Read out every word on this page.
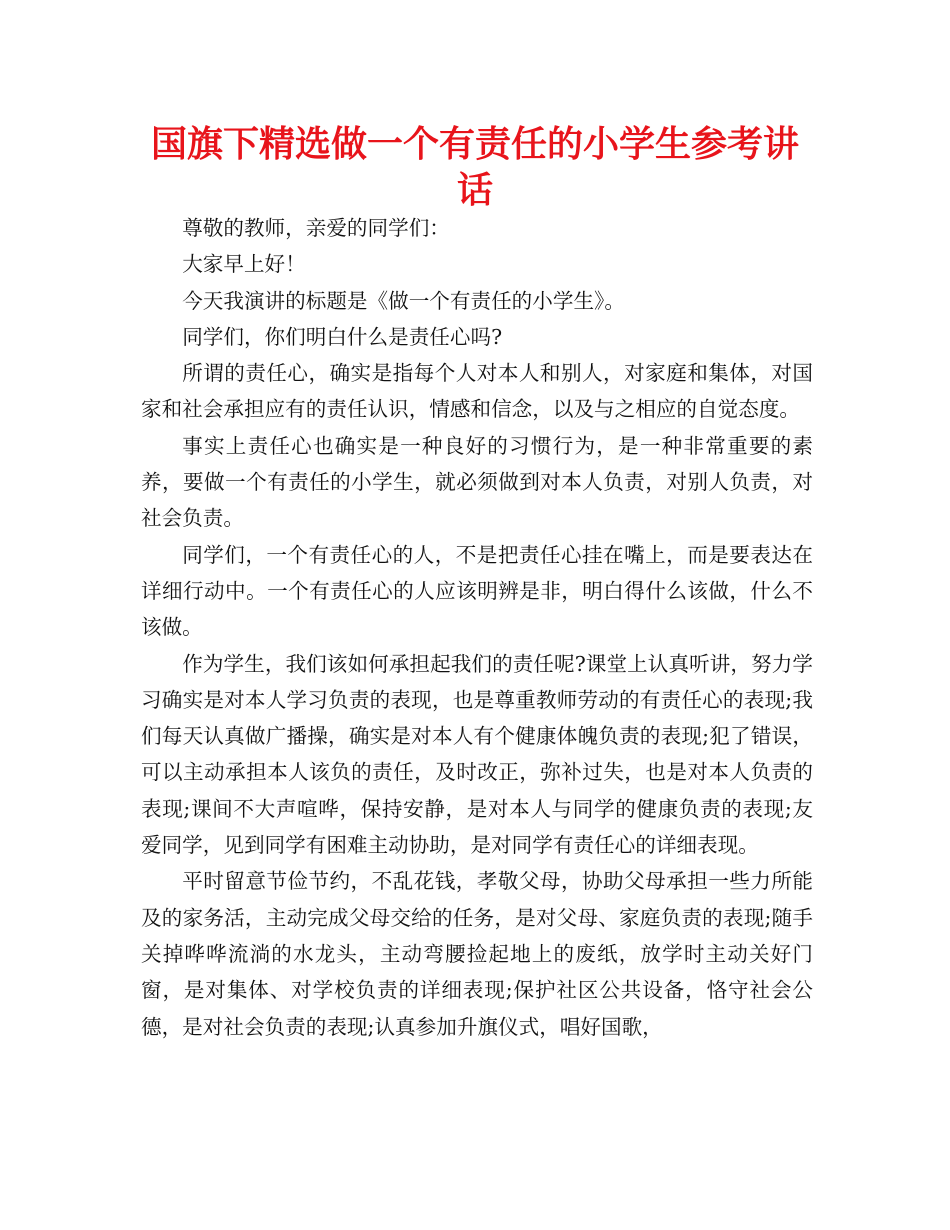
国旗下精选做一个有责任的小学生参考讲话

尊敬的教师，亲爱的同学们：

大家早上好！

今天我演讲的标题是《做一个有责任的小学生》。

同学们，你们明白什么是责任心吗?

所谓的责任心，确实是指每个人对本人和别人，对家庭和集体，对国家和社会承担应有的责任认识，情感和信念，以及与之相应的自觉态度。

事实上责任心也确实是一种良好的习惯行为，是一种非常重要的素养，要做一个有责任的小学生，就必须做到对本人负责，对别人负责，对社会负责。

同学们，一个有责任心的人，不是把责任心挂在嘴上，而是要表达在详细行动中。一个有责任心的人应该明辨是非，明白得什么该做，什么不该做。

作为学生，我们该如何承担起我们的责任呢?课堂上认真听讲，努力学习确实是对本人学习负责的表现，也是尊重教师劳动的有责任心的表现;我们每天认真做广播操，确实是对本人有个健康体魄负责的表现;犯了错误，可以主动承担本人该负的责任，及时改正，弥补过失，也是对本人负责的表现;课间不大声喧哗，保持安静，是对本人与同学的健康负责的表现;友爱同学，见到同学有困难主动协助，是对同学有责任心的详细表现。

平时留意节俭节约，不乱花钱，孝敬父母，协助父母承担一些力所能及的家务活，主动完成父母交给的任务，是对父母、家庭负责的表现;随手关掉哗哗流淌的水龙头，主动弯腰捡起地上的废纸，放学时主动关好门窗，是对集体、对学校负责的详细表现;保护社区公共设备，恪守社会公德，是对社会负责的表现;认真参加升旗仪式，唱好国歌，
